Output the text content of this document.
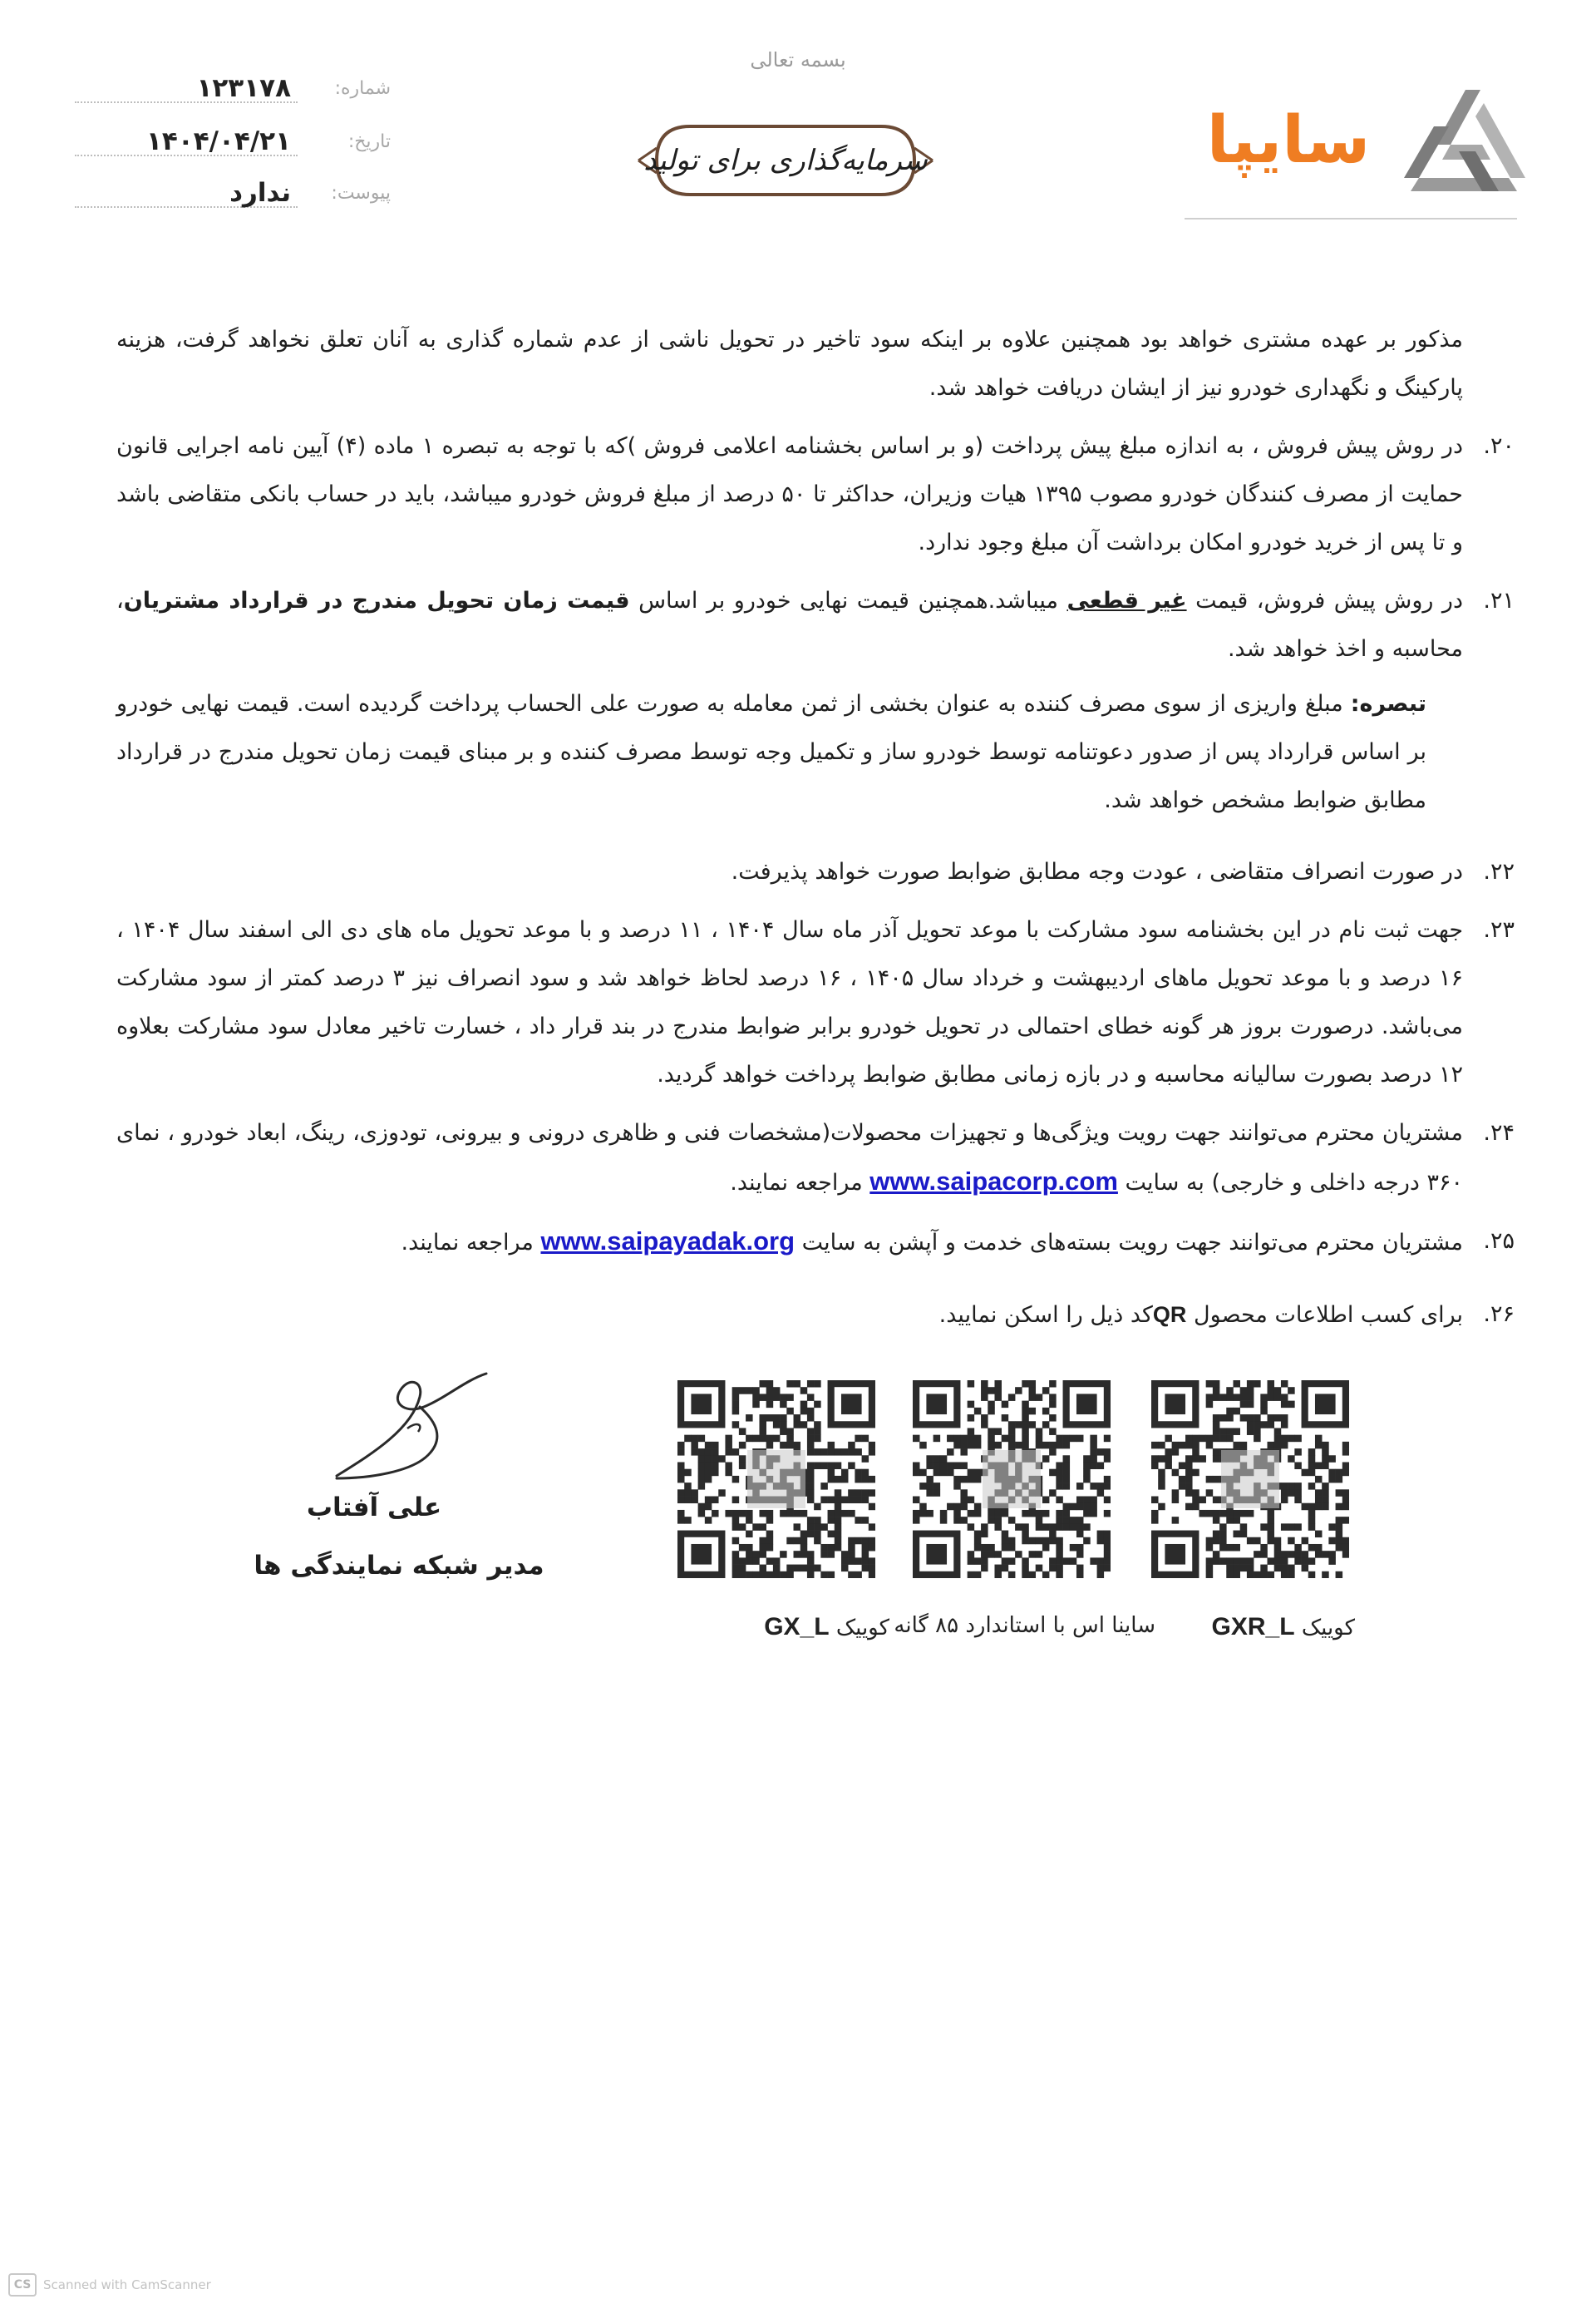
بسمه تعالی
شماره:
۱۲۳۱۷۸
تاریخ:
۱۴۰۴/۰۴/۲۱
پیوست:
ندارد
سرمایه‌گذاری برای تولید	سایپا
مذکور بر عهده مشتری خواهد بود همچنین علاوه بر اینکه سود تاخیر در تحویل ناشی از عدم شماره گذاری به آنان تعلق نخواهد گرفت، هزینه پارکینگ و نگهداری خودرو نیز از ایشان دریافت خواهد شد.
۲۰.
در روش پیش فروش ، به اندازه مبلغ پیش پرداخت (و بر اساس بخشنامه اعلامی فروش )که با توجه به تبصره ۱ ماده (۴) آیین نامه اجرایی قانون حمایت از مصرف کنندگان خودرو مصوب ۱۳۹۵ هیات وزیران، حداکثر تا ۵۰ درصد از مبلغ فروش خودرو میباشد، باید در حساب بانکی متقاضی باشد و تا پس از خرید خودرو امکان برداشت آن مبلغ وجود ندارد.
۲۱.
در روش پیش فروش، قیمت غیر قطعی میباشد.همچنین قیمت نهایی خودرو بر اساس قیمت زمان تحویل مندرج در قرارداد مشتریان، محاسبه و اخذ خواهد شد.
تبصره: مبلغ واریزی از سوی مصرف کننده به عنوان بخشی از ثمن معامله به صورت علی الحساب پرداخت گردیده است. قیمت نهایی خودرو بر اساس قرارداد پس از صدور دعوتنامه توسط خودرو ساز و تکمیل وجه توسط مصرف کننده و بر مبنای قیمت زمان تحویل مندرج در قرارداد مطابق ضوابط مشخص خواهد شد.
۲۲.
در صورت انصراف متقاضی ، عودت وجه مطابق ضوابط صورت خواهد پذیرفت.
۲۳.
جهت ثبت نام در این بخشنامه سود مشارکت با موعد تحویل آذر ماه سال ۱۴۰۴ ، ۱۱ درصد و با موعد تحویل ماه های دی الی اسفند سال ۱۴۰۴ ، ۱۶ درصد و با موعد تحویل ماهای اردیبهشت و خرداد سال ۱۴۰۵ ، ۱۶ درصد لحاظ خواهد شد و سود انصراف نیز ۳ درصد کمتر از سود مشارکت می‌باشد. درصورت بروز هر گونه خطای احتمالی در تحویل خودرو برابر ضوابط مندرج در بند قرار داد ، خسارت تاخیر معادل سود مشارکت بعلاوه ۱۲ درصد بصورت سالیانه محاسبه و در بازه زمانی مطابق ضوابط پرداخت خواهد گردید.
۲۴.
مشتریان محترم می‌توانند جهت رویت ویژگی‌ها و تجهیزات محصولات(مشخصات فنی و ظاهری درونی و بیرونی، تودوزی، رینگ، ابعاد خودرو ، نمای ۳۶۰ درجه داخلی و خارجی) به سایت www.saipacorp.com مراجعه نمایند.
۲۵.
مشتریان محترم می‌توانند جهت رویت بسته‌های خدمت و آپشن به سایت www.saipayadak.org مراجعه نمایند.
۲۶.
برای کسب اطلاعات محصول QRکد ذیل را اسکن نمایید.
کوییک GXR_L
ساینا اس با استاندارد ۸۵ گانه
کوییک GX_L
علی آفتاب
مدیر شبکه نمایندگی ها
CS Scanned with CamScanner
